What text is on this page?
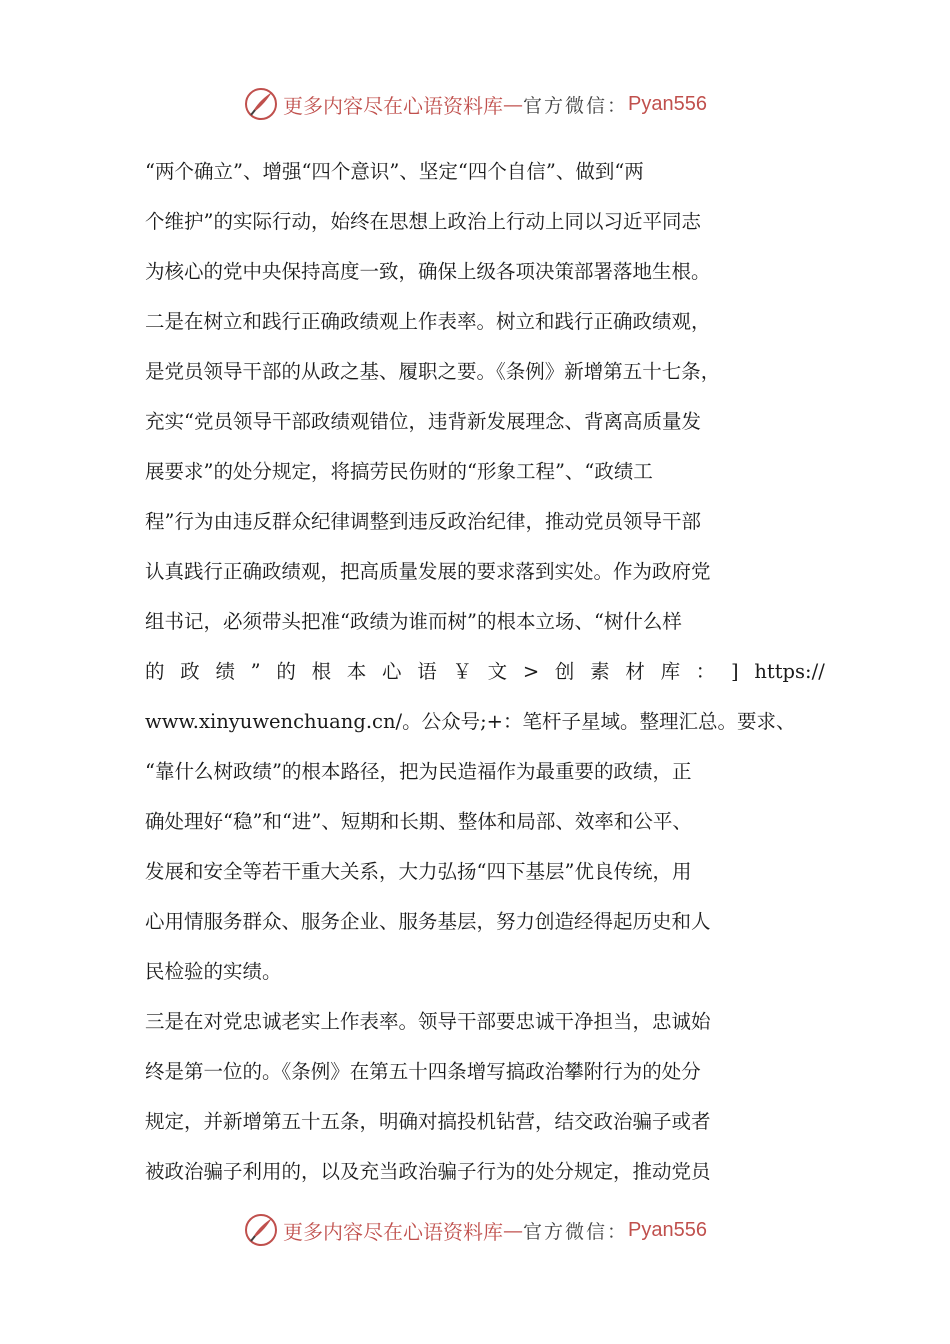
更多内容尽在心语资料库 — 官方微信： Pyan556
“两个确立”、增强“四个意识”、坚定“四个自信”、做到“两
个维护”的实际行动，始终在思想上政治上行动上同以习近平同志
为核心的党中央保持高度一致，确保上级各项决策部署落地生根。
二是在树立和践行正确政绩观上作表率。树立和践行正确政绩观，
是党员领导干部的从政之基、履职之要。《条例》新增第五十七条，
充实“党员领导干部政绩观错位，违背新发展理念、背离高质量发
展要求”的处分规定，将搞劳民伤财的“形象工程”、“政绩工
程”行为由违反群众纪律调整到违反政治纪律，推动党员领导干部
认真践行正确政绩观，把高质量发展的要求落到实处。作为政府党
组书记，必须带头把准“政绩为谁而树”的根本立场、“树什么样
的 政 绩 ” 的 根 本 心 语 ￥ 文 > 创 素 材 库 ： ] https://
www.xinyuwenchuang.cn/。公众号;+：笔杆子星域。整理汇总。要求、
“靠什么树政绩”的根本路径，把为民造福作为最重要的政绩，正
确处理好“稳”和“进”、短期和长期、整体和局部、效率和公平、
发展和安全等若干重大关系，大力弘扬“四下基层”优良传统，用
心用情服务群众、服务企业、服务基层，努力创造经得起历史和人
民检验的实绩。
三是在对党忠诚老实上作表率。领导干部要忠诚干净担当，忠诚始
终是第一位的。《条例》在第五十四条增写搞政治攀附行为的处分
规定，并新增第五十五条，明确对搞投机钻营，结交政治骗子或者
被政治骗子利用的，以及充当政治骗子行为的处分规定，推动党员
更多内容尽在心语资料库 — 官方微信： Pyan556
